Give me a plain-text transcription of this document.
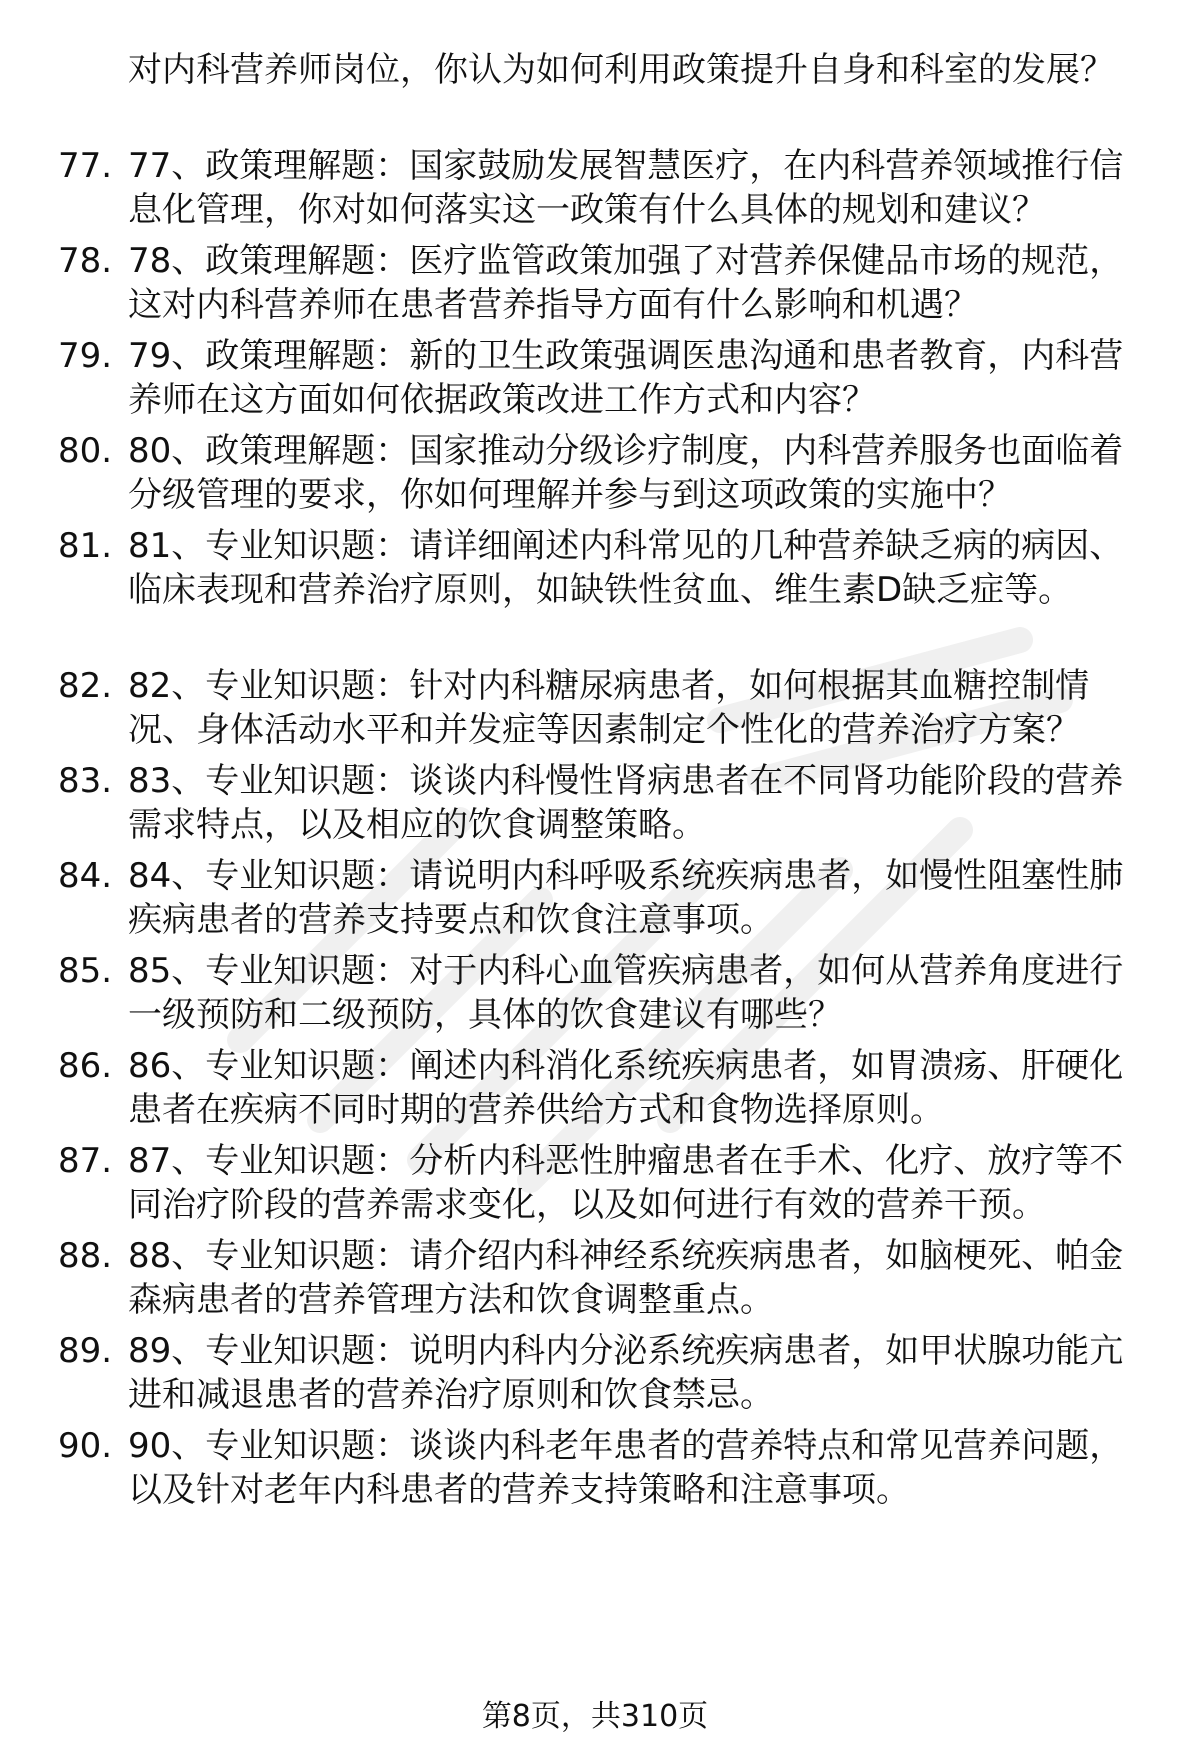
对内科营养师岗位，你认为如何利用政策提升自身和科室的发展？

77. 77、政策理解题：国家鼓励发展智慧医疗，在内科营养领域推行信息化管理，你对如何落实这一政策有什么具体的规划和建议？
78. 78、政策理解题：医疗监管政策加强了对营养保健品市场的规范，这对内科营养师在患者营养指导方面有什么影响和机遇？
79. 79、政策理解题：新的卫生政策强调医患沟通和患者教育，内科营养师在这方面如何依据政策改进工作方式和内容？
80. 80、政策理解题：国家推动分级诊疗制度，内科营养服务也面临着分级管理的要求，你如何理解并参与到这项政策的实施中？
81. 81、专业知识题：请详细阐述内科常见的几种营养缺乏病的病因、临床表现和营养治疗原则，如缺铁性贫血、维生素D缺乏症等。
82. 82、专业知识题：针对内科糖尿病患者，如何根据其血糖控制情况、身体活动水平和并发症等因素制定个性化的营养治疗方案？
83. 83、专业知识题：谈谈内科慢性肾病患者在不同肾功能阶段的营养需求特点，以及相应的饮食调整策略。
84. 84、专业知识题：请说明内科呼吸系统疾病患者，如慢性阻塞性肺疾病患者的营养支持要点和饮食注意事项。
85. 85、专业知识题：对于内科心血管疾病患者，如何从营养角度进行一级预防和二级预防，具体的饮食建议有哪些？
86. 86、专业知识题：阐述内科消化系统疾病患者，如胃溃疡、肝硬化患者在疾病不同时期的营养供给方式和食物选择原则。
87. 87、专业知识题：分析内科恶性肿瘤患者在手术、化疗、放疗等不同治疗阶段的营养需求变化，以及如何进行有效的营养干预。
88. 88、专业知识题：请介绍内科神经系统疾病患者，如脑梗死、帕金森病患者的营养管理方法和饮食调整重点。
89. 89、专业知识题：说明内科内分泌系统疾病患者，如甲状腺功能亢进和减退患者的营养治疗原则和饮食禁忌。
90. 90、专业知识题：谈谈内科老年患者的营养特点和常见营养问题，以及针对老年内科患者的营养支持策略和注意事项。
第8页，共310页
